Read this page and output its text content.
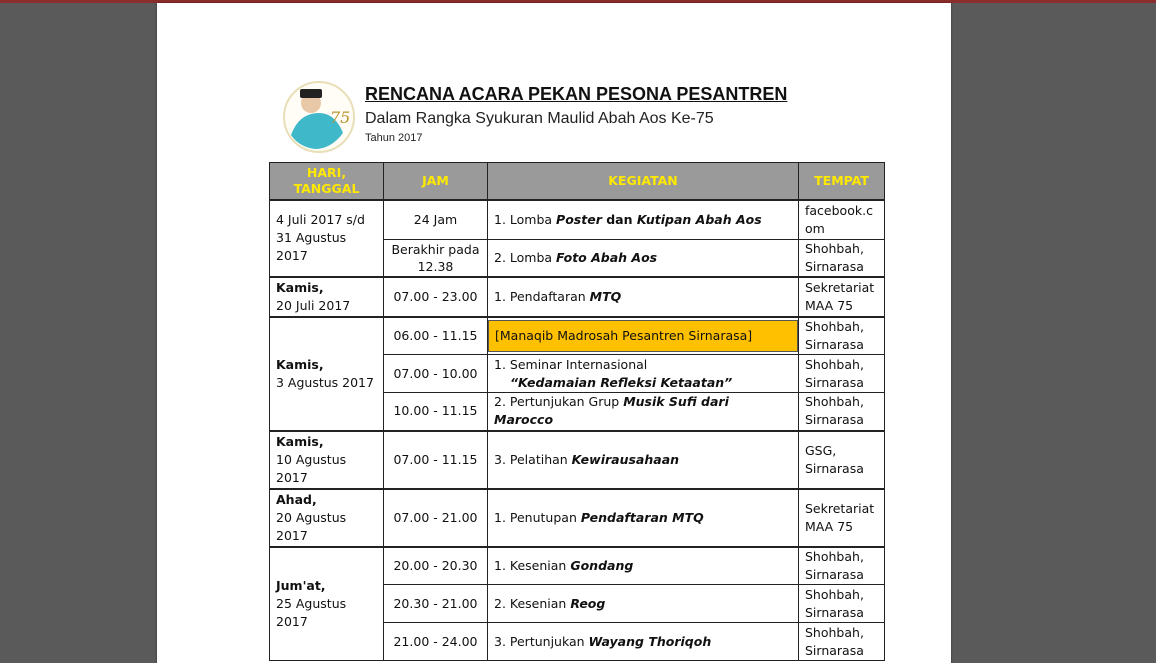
75
RENCANA ACARA PEKAN PESONA PESANTREN
Dalam Rangka Syukuran Maulid Abah Aos Ke-75
Tahun 2017
HARI, TANGGAL	JAM	KEGIATAN	TEMPAT
4 Juli 2017 s/d 31 Agustus 2017	24 Jam	1. Lomba Poster dan Kutipan Abah Aos	facebook.com
	Berakhir pada 12.38	2. Lomba Foto Abah Aos	Shohbah, Sirnarasa
Kamis,
20 Juli 2017	07.00 - 23.00	1. Pendaftaran MTQ	Sekretariat MAA 75
Kamis,
3 Agustus 2017	06.00 - 11.15	[Manaqib Madrosah Pesantren Sirnarasa]	Shohbah, Sirnarasa
	07.00 - 10.00	1. Seminar Internasional
“Kedamaian Refleksi Ketaatan”	Shohbah, Sirnarasa
	10.00 - 11.15	2. Pertunjukan Grup Musik Sufi dari Marocco	Shohbah, Sirnarasa
Kamis,
10 Agustus 2017	07.00 - 11.15	3. Pelatihan Kewirausahaan	GSG, Sirnarasa
Ahad,
20 Agustus 2017	07.00 - 21.00	1. Penutupan Pendaftaran MTQ	Sekretariat MAA 75
Jum'at,
25 Agustus 2017	20.00 - 20.30	1. Kesenian Gondang	Shohbah, Sirnarasa
	20.30 - 21.00	2. Kesenian Reog	Shohbah, Sirnarasa
	21.00 - 24.00	3. Pertunjukan Wayang Thoriqoh	Shohbah, Sirnarasa
